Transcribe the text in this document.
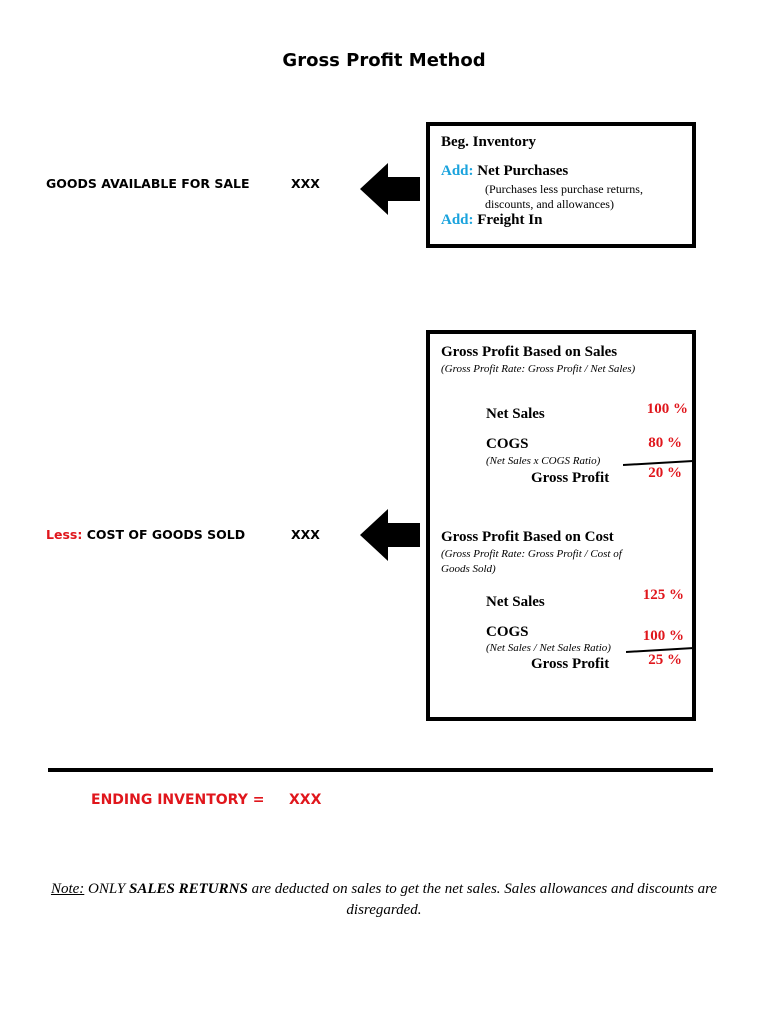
Gross Profit Method
GOODS AVAILABLE FOR SALE	XXX
Less: COST OF GOODS SOLD	XXX
Beg. Inventory
Add: Net Purchases
(Purchases less purchase returns,
discounts, and allowances)
Add: Freight In
Gross Profit Based on Sales
(Gross Profit Rate: Gross Profit / Net Sales)
Net Sales	100 %
COGS	80 %
(Net Sales x COGS Ratio)
Gross Profit	20 %
Gross Profit Based on Cost
(Gross Profit Rate: Gross Profit / Cost of
Goods Sold)
Net Sales	125 %
COGS	100 %
(Net Sales / Net Sales Ratio)
Gross Profit	25 %
ENDING INVENTORY = XXX
Note: ONLY SALES RETURNS are deducted on sales to get the net sales. Sales allowances and discounts are
disregarded.
